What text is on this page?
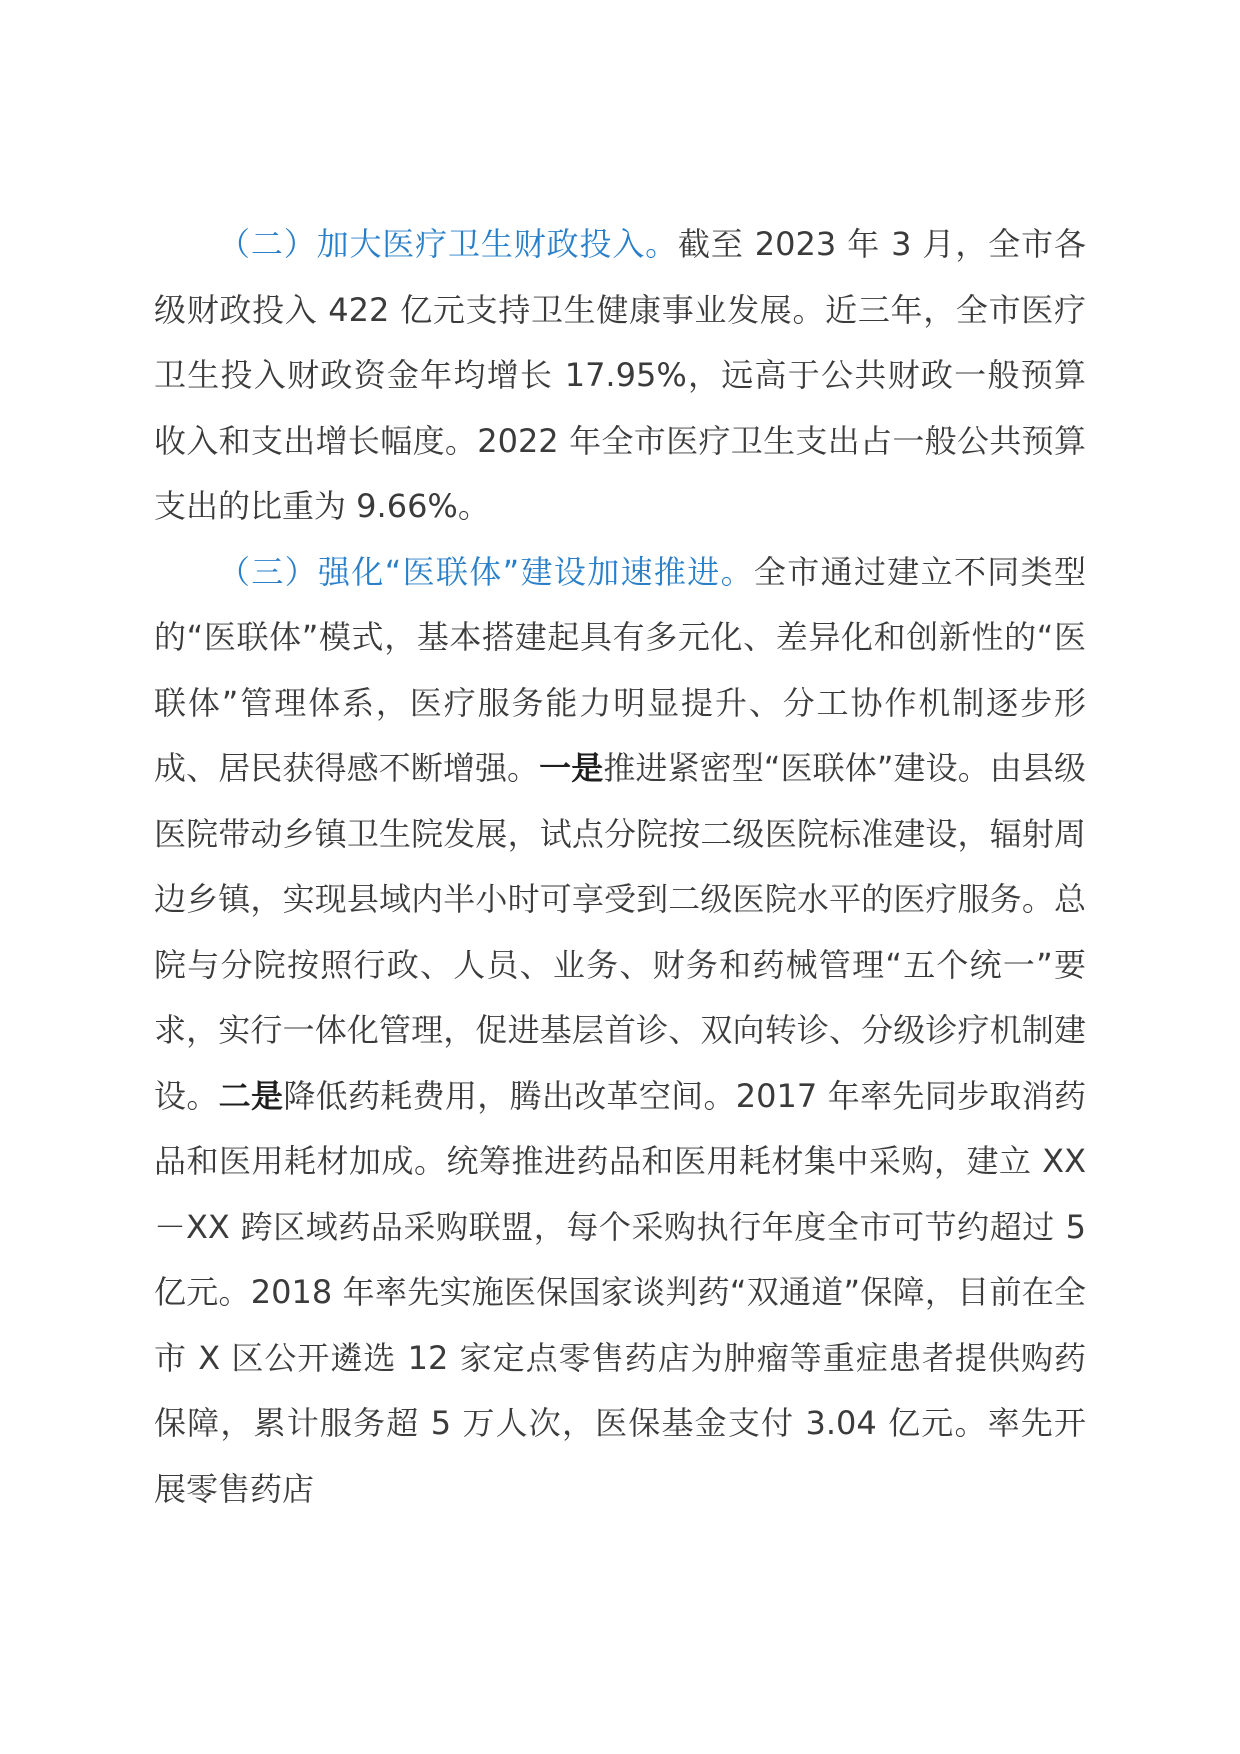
（二）加大医疗卫生财政投入。截至 2023 年 3 月，全市各级财政投入 422 亿元支持卫生健康事业发展。近三年，全市医疗卫生投入财政资金年均增长 17.95%，远高于公共财政一般预算收入和支出增长幅度。2022 年全市医疗卫生支出占一般公共预算支出的比重为 9.66%。

（三）强化“医联体”建设加速推进。全市通过建立不同类型的“医联体”模式，基本搭建起具有多元化、差异化和创新性的“医联体”管理体系，医疗服务能力明显提升、分工协作机制逐步形成、居民获得感不断增强。一是推进紧密型“医联体”建设。由县级医院带动乡镇卫生院发展，试点分院按二级医院标准建设，辐射周边乡镇，实现县域内半小时可享受到二级医院水平的医疗服务。总院与分院按照行政、人员、业务、财务和药械管理“五个统一”要求，实行一体化管理，促进基层首诊、双向转诊、分级诊疗机制建设。二是降低药耗费用，腾出改革空间。2017 年率先同步取消药品和医用耗材加成。统筹推进药品和医用耗材集中采购，建立 XX－XX 跨区域药品采购联盟，每个采购执行年度全市可节约超过 5 亿元。2018 年率先实施医保国家谈判药“双通道”保障，目前在全市 X 区公开遴选 12 家定点零售药店为肿瘤等重症患者提供购药保障，累计服务超 5 万人次，医保基金支付 3.04 亿元。率先开展零售药店
